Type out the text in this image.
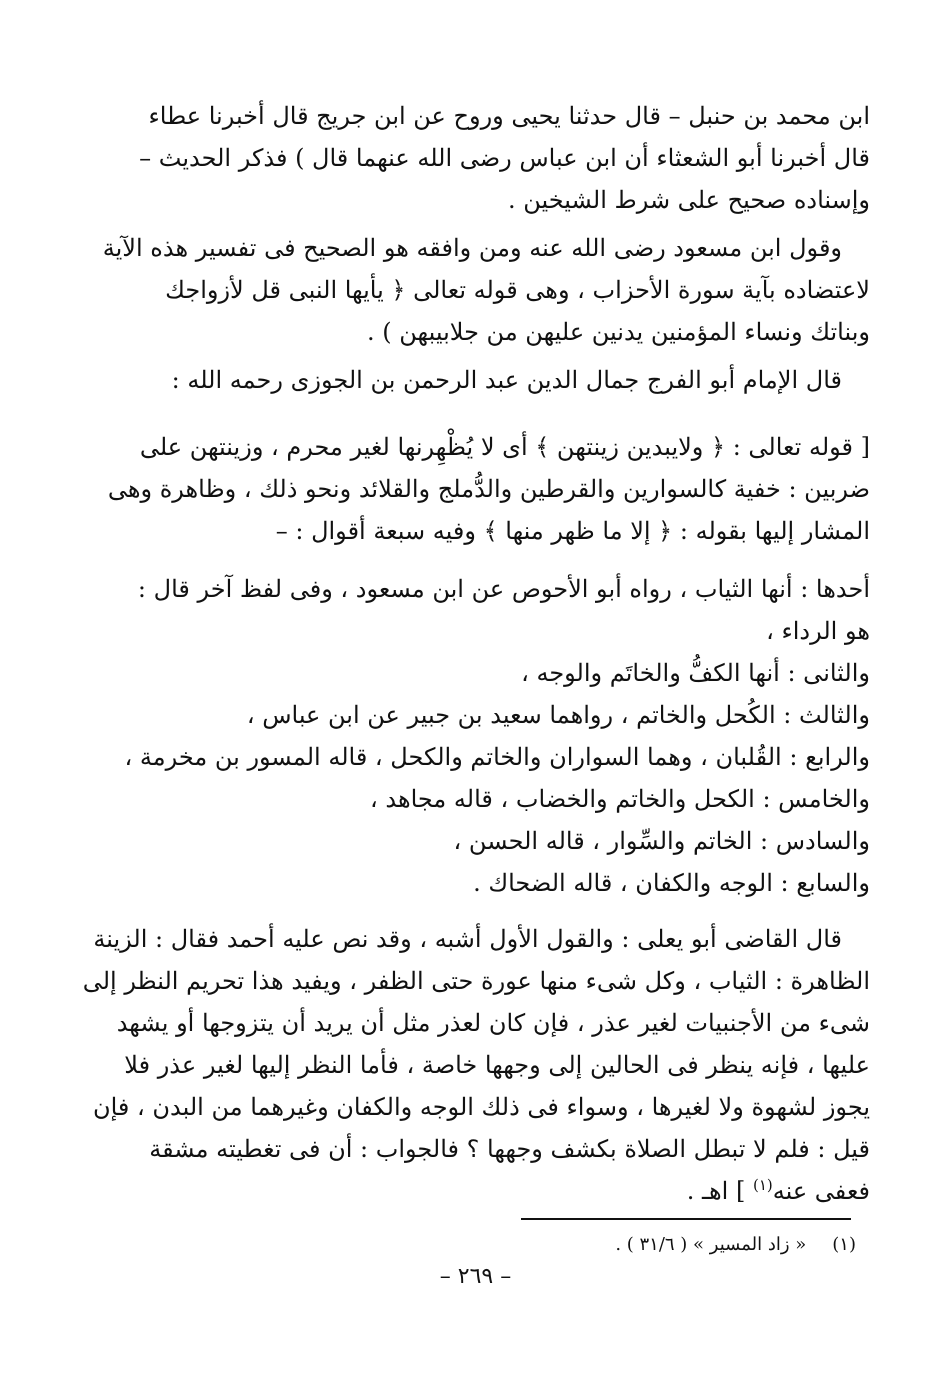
ابن محمد بن حنبل – قال حدثنا يحيى وروح عن ابن جريج قال أخبرنا عطاء
قال أخبرنا أبو الشعثاء أن ابن عباس رضى الله عنهما قال ) فذكر الحديث –
وإسناده صحيح على شرط الشيخين .
وقول ابن مسعود رضى الله عنه ومن وافقه هو الصحيح فى تفسير هذه الآية
لاعتضاده بآية سورة الأحزاب ، وهى قوله تعالى ﴿ يأيها النبى قل لأزواجك
وبناتك ونساء المؤمنين يدنين عليهن من جلابيبهن ) .
قال الإمام أبو الفرج جمال الدين عبد الرحمن بن الجوزى رحمه الله :
[ قوله تعالى : ﴿ ولايبدين زينتهن ﴾ أى لا يُظْهِرنها لغير محرم ، وزينتهن على
ضربين : خفية كالسوارين والقرطين والدُّملج والقلائد ونحو ذلك ، وظاهرة وهى
المشار إليها بقوله : ﴿ إلا ما ظهر منها ﴾ وفيه سبعة أقوال : –
أحدها : أنها الثياب ، رواه أبو الأحوص عن ابن مسعود ، وفى لفظ آخر قال :
هو الرداء ،
والثانى : أنها الكفُّ والخاتَم والوجه ،
والثالث : الكُحل والخاتم ، رواهما سعيد بن جبير عن ابن عباس ،
والرابع : القُلبان ، وهما السواران والخاتم والكحل ، قاله المسور بن مخرمة ،
والخامس : الكحل والخاتم والخضاب ، قاله مجاهد ،
والسادس : الخاتم والسِّوار ، قاله الحسن ،
والسابع : الوجه والكفان ، قاله الضحاك .
قال القاضى أبو يعلى : والقول الأول أشبه ، وقد نص عليه أحمد فقال : الزينة
الظاهرة : الثياب ، وكل شىء منها عورة حتى الظفر ، ويفيد هذا تحريم النظر إلى
شىء من الأجنبيات لغير عذر ، فإن كان لعذر مثل أن يريد أن يتزوجها أو يشهد
عليها ، فإنه ينظر فى الحالين إلى وجهها خاصة ، فأما النظر إليها لغير عذر فلا
يجوز لشهوة ولا لغيرها ، وسواء فى ذلك الوجه والكفان وغيرهما من البدن ، فإن
قيل : فلم لا تبطل الصلاة بكشف وجهها ؟ فالجواب : أن فى تغطيته مشقة
فعفى عنه$^{(١)}$ ] اهـ .
(١)« زاد المسير » ( ٣١/٦ ) .
– ٢٦٩ –
